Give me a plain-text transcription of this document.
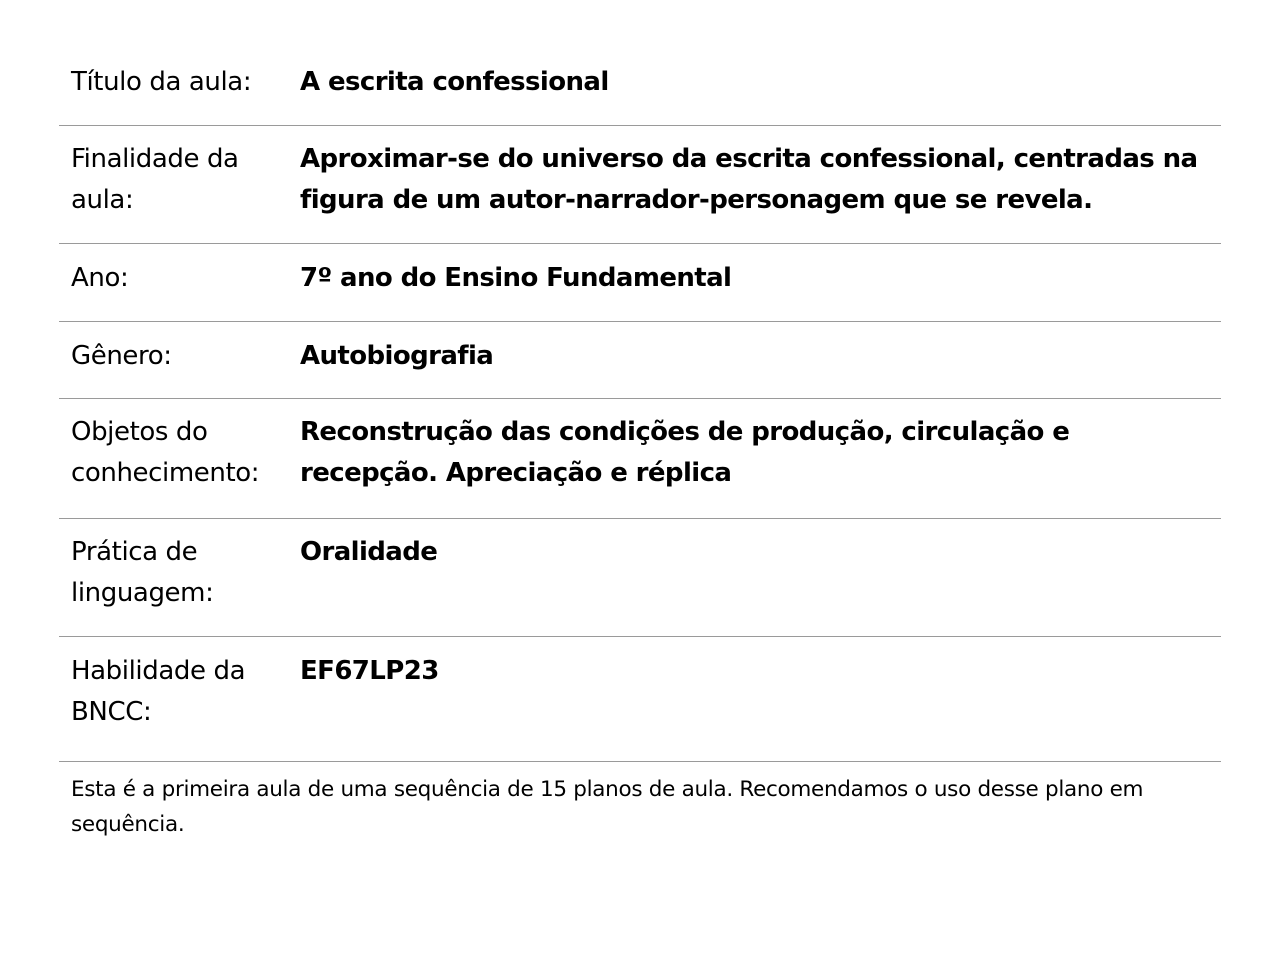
Título da aula:	A escrita confessional
Finalidade da aula:
Aproximar-se do universo da escrita confessional, centradas na figura de um autor-narrador-personagem que se revela.
Ano:	7º ano do Ensino Fundamental
Gênero:	Autobiografia
Objetos do conhecimento:
Reconstrução das condições de produção, circulação e recepção. Apreciação e réplica
Prática de linguagem:
Oralidade
Habilidade da BNCC:
EF67LP23
Esta é a primeira aula de uma sequência de 15 planos de aula. Recomendamos o uso desse plano em sequência.
